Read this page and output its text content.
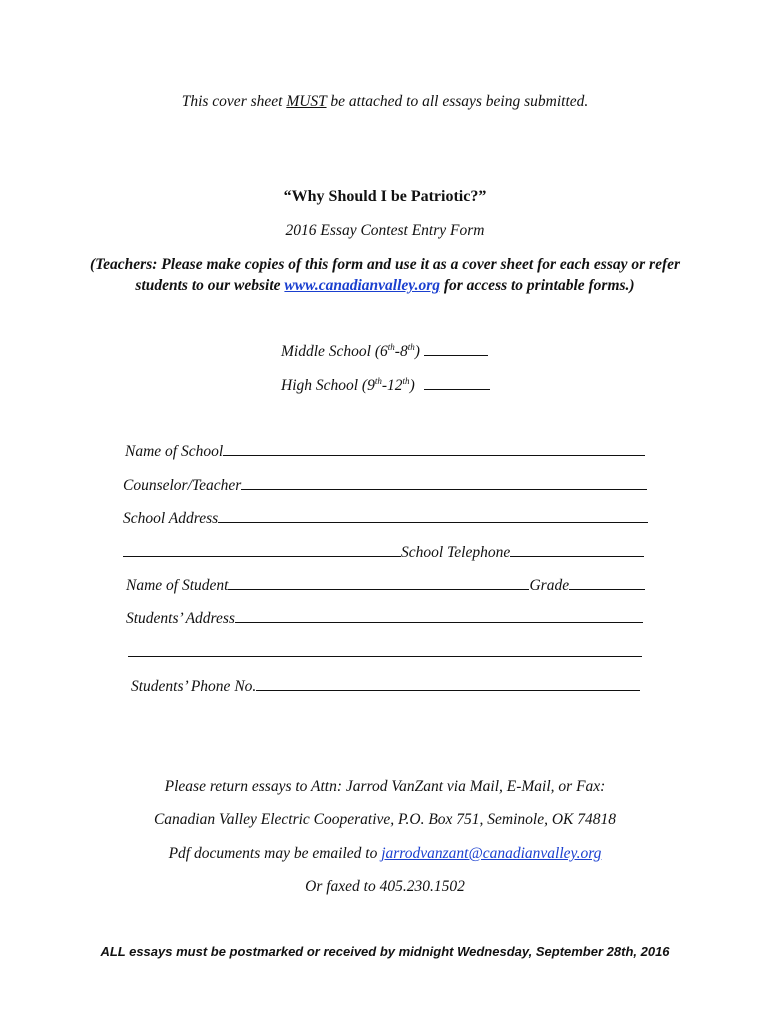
This cover sheet MUST be attached to all essays being submitted.
“Why Should I be Patriotic?”
2016 Essay Contest Entry Form
(Teachers: Please make copies of this form and use it as a cover sheet for each essay or refer
students to our website www.canadianvalley.org for access to printable forms.)
Middle School (6th-8th)
High School (9th-12th)
Name of School
Counselor/Teacher
School Address
School Telephone
Name of Student	Grade
Students’ Address
Students’ Phone No.
Please return essays to Attn: Jarrod VanZant via Mail, E-Mail, or Fax:
Canadian Valley Electric Cooperative, P.O. Box 751, Seminole, OK 74818
Pdf documents may be emailed to jarrodvanzant@canadianvalley.org
Or faxed to 405.230.1502
ALL essays must be postmarked or received by midnight Wednesday, September 28th, 2016
